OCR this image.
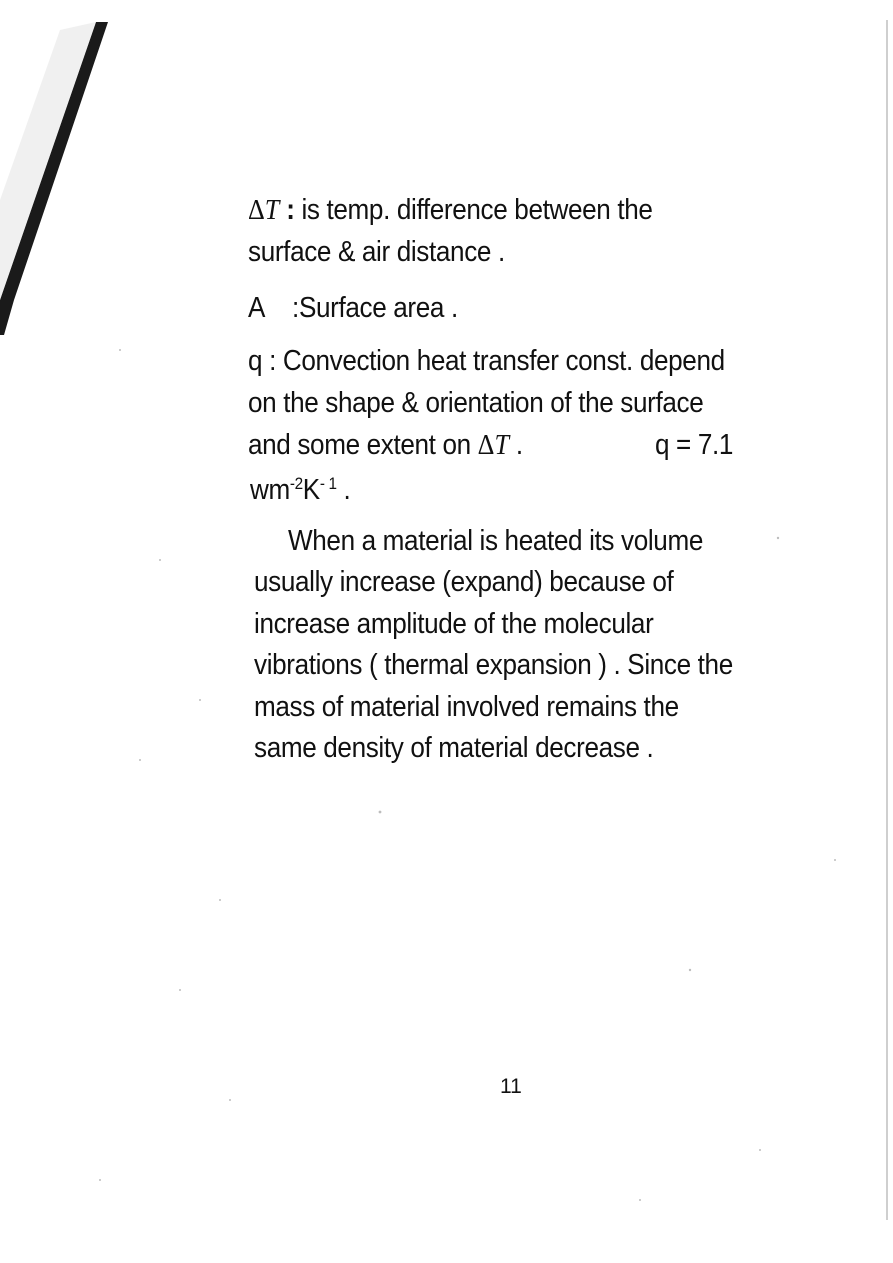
ΔT : is temp. difference between the
surface & air distance .
A :Surface area .
q : Convection heat transfer const. depend
on the shape & orientation of the surface
and some extent on ΔT .	q = 7.1
$wm^{-2}K^{- 1}$ .
When a material is heated its volume
usually increase (expand) because of
increase amplitude of the molecular
vibrations ( thermal expansion ) . Since the
mass of material involved remains the
same density of material decrease .
11
